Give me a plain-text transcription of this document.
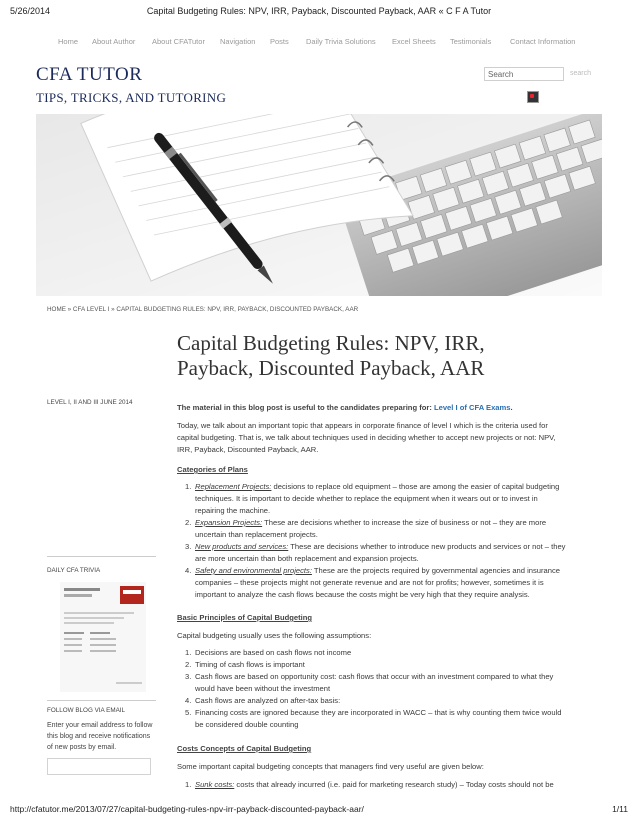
5/26/2014	Capital Budgeting Rules: NPV, IRR, Payback, Discounted Payback, AAR « C F A Tutor
Home About Author About CFATutor Navigation Posts Daily Trivia Solutions Excel Sheets Testimonials Contact Information
CFA TUTOR
TIPS, TRICKS, AND TUTORING
Search	search
HOME » CFA LEVEL I » CAPITAL BUDGETING RULES: NPV, IRR, PAYBACK, DISCOUNTED PAYBACK, AAR
Capital Budgeting Rules: NPV, IRR,
Payback, Discounted Payback, AAR
LEVEL I, II AND III JUNE 2014
DAILY CFA TRIVIA
FOLLOW BLOG VIA EMAIL
Enter your email address to follow
this blog and receive notifications
of new posts by email.
The material in this blog post is useful to the candidates preparing for: Level I of CFA Exams.
Today, we talk about an important topic that appears in corporate finance of level I which is the criteria used for
capital budgeting. That is, we talk about techniques used in deciding whether to accept new projects or not: NPV,
IRR, Payback, Discounted Payback, AAR.
Categories of Plans
1. Replacement Projects: decisions to replace old equipment – those are among the easier of capital budgeting
techniques. It is important to decide whether to replace the equipment when it wears out or to invest in
repairing the machine.
2. Expansion Projects: These are decisions whether to increase the size of business or not – they are more
uncertain than replacement projects.
3. New products and services: These are decisions whether to introduce new products and services or not – they
are more uncertain than both replacement and expansion projects.
4. Safety and environmental projects: These are the projects required by governmental agencies and insurance
companies – these projects might not generate revenue and are not for profits; however, sometimes it is
important to analyze the cash flows because the costs might be very high that they require analysis.
Basic Principles of Capital Budgeting
Capital budgeting usually uses the following assumptions:
1. Decisions are based on cash flows not income
2. Timing of cash flows is important
3. Cash flows are based on opportunity cost: cash flows that occur with an investment compared to what they
would have been without the investment
4. Cash flows are analyzed on after-tax basis:
5. Financing costs are ignored because they are incorporated in WACC – that is why counting them twice would
be considered double counting
Costs Concepts of Capital Budgeting
Some important capital budgeting concepts that managers find very useful are given below:
1. Sunk costs: costs that already incurred (i.e. paid for marketing research study) – Today costs should not be
http://cfatutor.me/2013/07/27/capital-budgeting-rules-npv-irr-payback-discounted-payback-aar/	1/11
